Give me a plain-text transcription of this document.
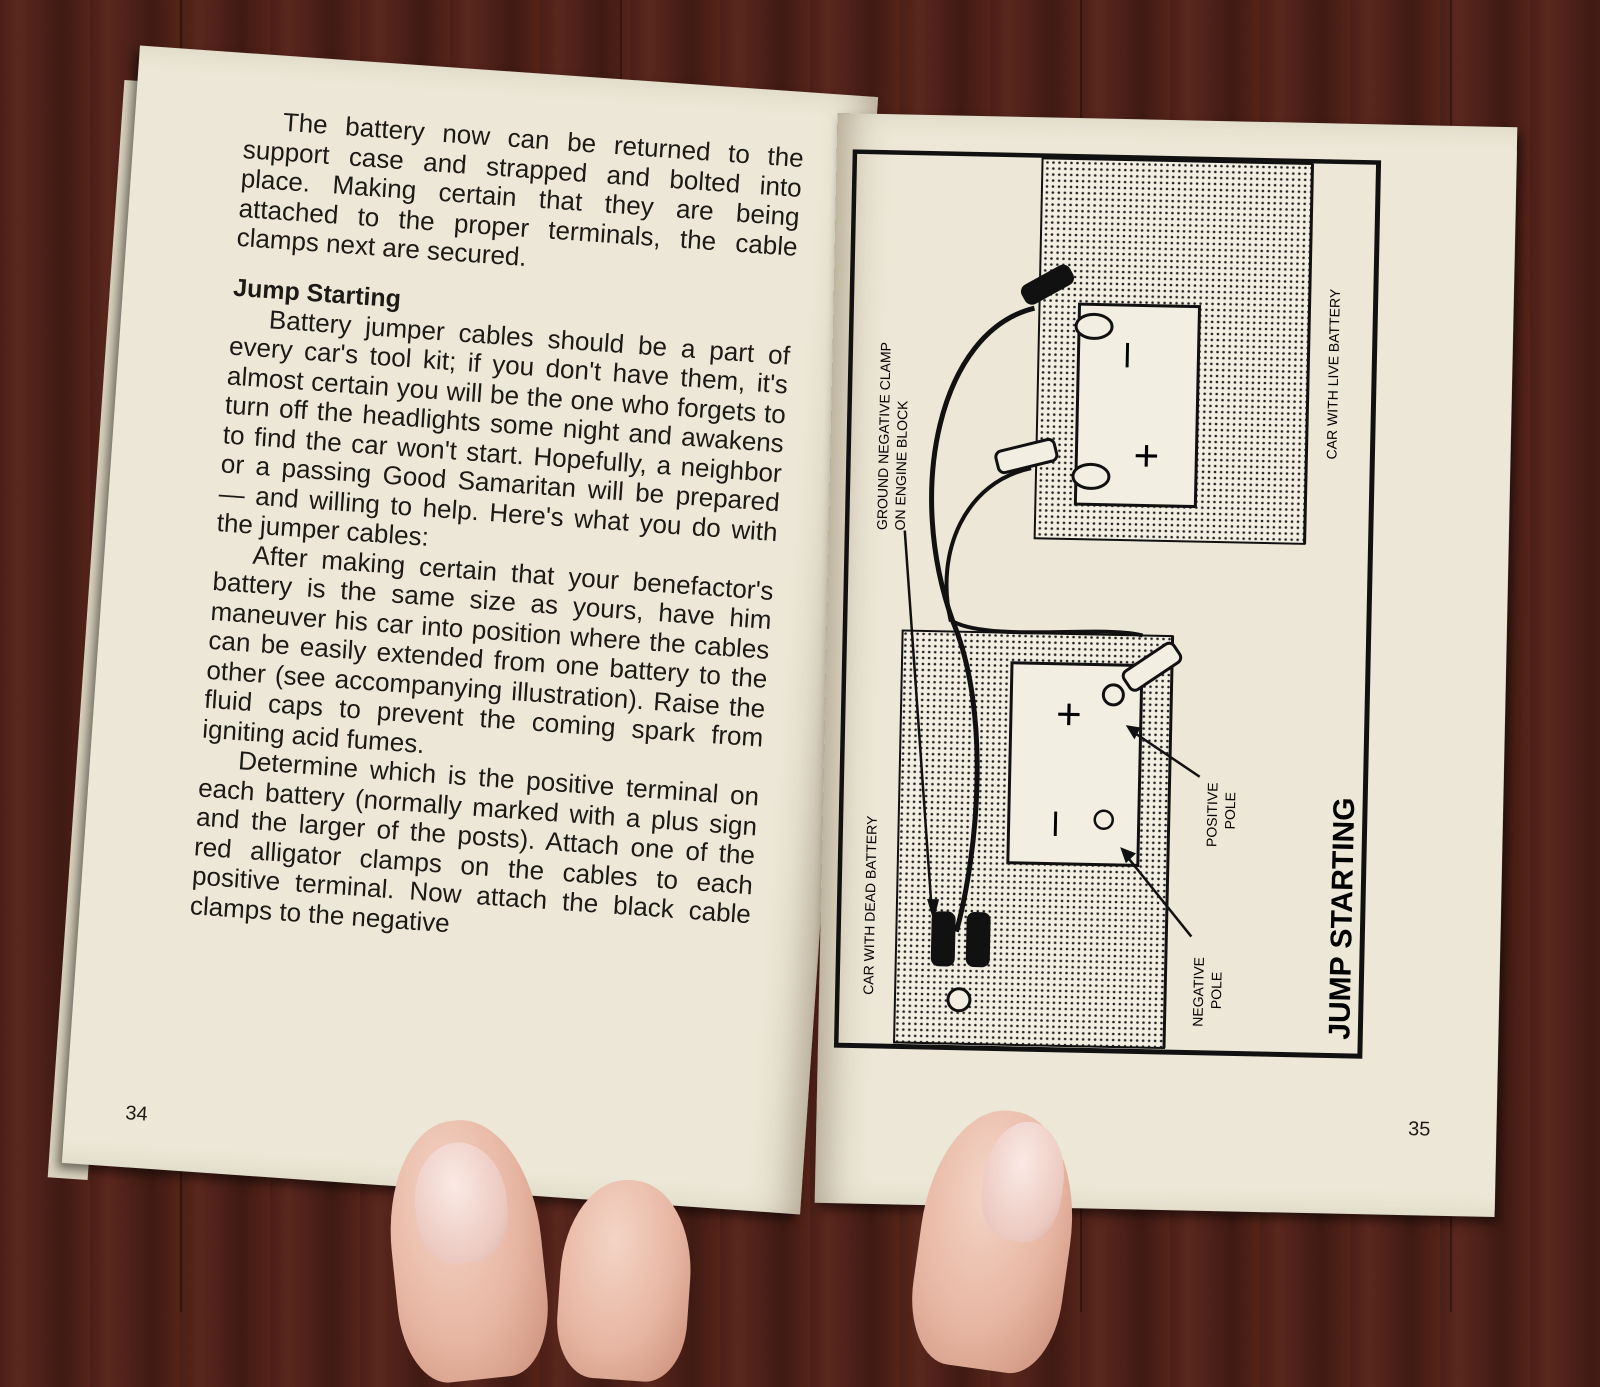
The battery now can be returned to the support case and strapped and bolted into place. Making certain that they are being attached to the proper terminals, the cable clamps next are secured.

Jump Starting

Battery jumper cables should be a part of every car's tool kit; if you don't have them, it's almost certain you will be the one who forgets to turn off the headlights some night and awakens to find the car won't start. Hopefully, a neighbor or a passing Good Samaritan will be prepared — and willing to help. Here's what you do with the jumper cables:

After making certain that your benefactor's battery is the same size as yours, have him maneuver his car into position where the cables can be easily extended from one battery to the other (see accompanying illustration). Raise the fluid caps to prevent the coming spark from igniting acid fumes.

Determine which is the positive terminal on each battery (normally marked with a plus sign and the larger of the posts). Attach one of the red alligator clamps on the cables to each positive terminal. Now attach the black cable clamps to the negative

34
–
+
+
–
CAR WITH LIVE BATTERY
CAR WITH DEAD BATTERY
GROUND NEGATIVE CLAMP
ON ENGINE BLOCK
POSITIVE POLE
NEGATIVE POLE	JUMP STARTING
35
